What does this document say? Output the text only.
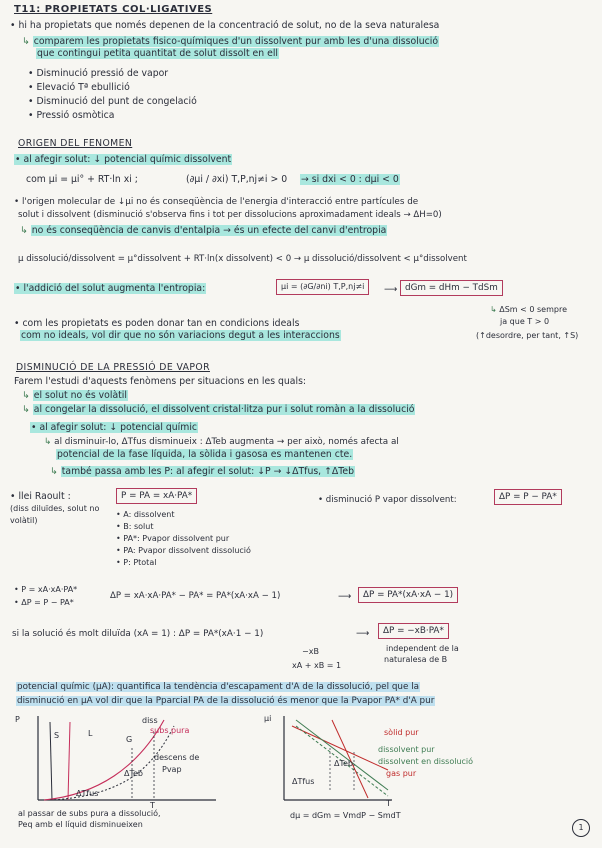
T11: PROPIETATS COL·LIGATIVES
• hi ha propietats que només depenen de la concentració de solut, no de la seva naturalesa
↳ comparem les propietats fisico-químiques d'un dissolvent pur amb les d'una dissolució
que contingui petita quantitat de solut dissolt en ell
• Disminució pressió de vapor
• Elevació Tª ebullició
• Disminució del punt de congelació
• Pressió osmòtica
ORIGEN DEL FENOMEN
• al afegir solut: ↓ potencial químic dissolvent
com μi = μi° + RT·ln xi ;	(∂μi / ∂xi) T,P,nj≠i > 0 → si dxi < 0 : dμi < 0
• l'origen molecular de ↓μi no és conseqüència de l'energia d'interacció entre partícules de
solut i dissolvent (disminució s'observa fins i tot per dissolucions aproximadament ideals → ΔH=0)
↳ no és conseqüència de canvis d'entalpia → és un efecte del canvi d'entropia
μ dissolució/dissolvent = μ°dissolvent + RT·ln(x dissolvent) < 0 → μ dissolució/dissolvent < μ°dissolvent
• l'addició del solut augmenta l'entropia:	μi = (∂G/∂ni) T,P,nj≠i	⟶ dGm = dHm − TdSm
↳ ΔSm < 0 sempre
ja que T > 0
(↑desordre, per tant, ↑S)
• com les propietats es poden donar tan en condicions ideals
com no ideals, vol dir que no són variacions degut a les interaccions
DISMINUCIÓ DE LA PRESSIÓ DE VAPOR
Farem l'estudi d'aquests fenòmens per situacions en les quals:
↳ el solut no és volàtil
↳ al congelar la dissolució, el dissolvent cristal·litza pur i solut romàn a la dissolució
• al afegir solut: ↓ potencial químic
↳ al disminuir-lo, ΔTfus disminueix : ΔTeb augmenta → per això, només afecta al
potencial de la fase líquida, la sòlida i gasosa es mantenen cte.
↳ també passa amb les P: al afegir el solut: ↓P → ↓ΔTfus, ↑ΔTeb
• llei Raoult :
(diss diluïdes, solut no volàtil)
P = PA = xA·PA*
• A: dissolvent
• B: solut
• PA*: Pvapor dissolvent pur
• PA: Pvapor dissolvent dissolució
• P: Ptotal
• disminució P vapor dissolvent:	ΔP = P − PA*
• P = xA·xA·PA*
• ΔP = P − PA*
ΔP = xA·xA·PA* − PA* = PA*(xA·xA − 1)	⟶	ΔP = PA*(xA·xA − 1)
si la solució és molt diluïda (xA = 1) : ΔP = PA*(xA·1 − 1)	⟶	ΔP = −xB·PA*
−xB
xA + xB = 1
independent de la
naturalesa de B
potencial químic (μA): quantifica la tendència d'escapament d'A de la dissolució, pel que la
disminució en μA vol dir que la Pparcial PA de la dissolució és menor que la Pvapor PA* d'A pur
P
T
S	L
G
diss
subs pura
descens de
Pvap
ΔTeb
ΔTfus
al passar de subs pura a dissolució,
Peq amb el líquid disminueixen
μi
T
sòlid pur
dissolvent pur
dissolvent en dissolució
gas pur
ΔTeb
ΔTfus
dμ = dGm = VmdP − SmdT
1
